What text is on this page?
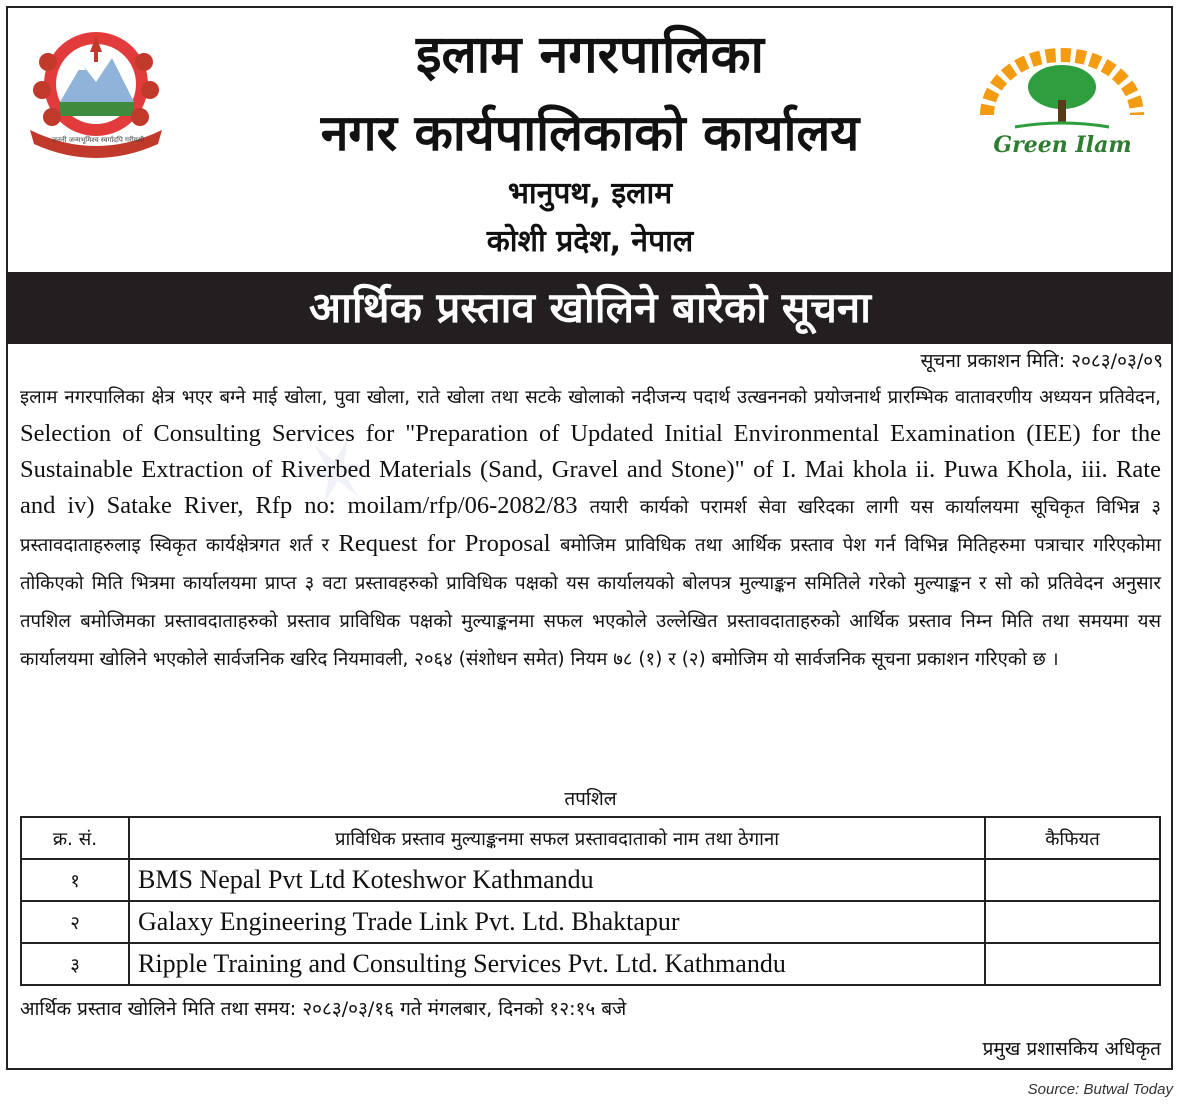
जननी जन्मभूमिश्च स्वर्गादपि गरीयसी
इलाम नगरपालिका
नगर कार्यपालिकाको कार्यालय
भानुपथ, इलाम
कोशी प्रदेश, नेपाल
Green Ilam
आर्थिक प्रस्ताव खोलिने बारेको सूचना
✶
सूचना प्रकाशन मिति: २०८३/०३/०९

इलाम नगरपालिका क्षेत्र भएर बग्ने माई खोला, पुवा खोला, राते खोला तथा सटके खोलाको नदीजन्य पदार्थ उत्खननको प्रयोजनार्थ प्रारम्भिक वातावरणीय अध्ययन प्रतिवेदन, Selection of Consulting Services for "Preparation of Updated Initial Environmental Examination (IEE) for the Sustainable Extraction of Riverbed Materials (Sand, Gravel and Stone)" of I. Mai khola ii. Puwa Khola, iii. Rate and iv) Satake River, Rfp no: moilam/rfp/06-2082/83 तयारी कार्यको परामर्श सेवा खरिदका लागी यस कार्यालयमा सूचिकृत विभिन्न ३ प्रस्तावदाताहरुलाइ स्विकृत कार्यक्षेत्रगत शर्त र Request for Proposal बमोजिम प्राविधिक तथा आर्थिक प्रस्ताव पेश गर्न विभिन्न मितिहरुमा पत्राचार गरिएकोमा तोकिएको मिति भित्रमा कार्यालयमा प्राप्त ३ वटा प्रस्तावहरुको प्राविधिक पक्षको यस कार्यालयको बोलपत्र मुल्याङ्कन समितिले गरेको मुल्याङ्कन र सो को प्रतिवेदन अनुसार तपशिल बमोजिमका प्रस्तावदाताहरुको प्रस्ताव प्राविधिक पक्षको मुल्याङ्कनमा सफल भएकोले उल्लेखित प्रस्तावदाताहरुको आर्थिक प्रस्ताव निम्न मिति तथा समयमा यस कार्यालयमा खोलिने भएकोले सार्वजनिक खरिद नियमावली, २०६४ (संशोधन समेत) नियम ७८ (१) र (२) बमोजिम यो सार्वजनिक सूचना प्रकाशन गरिएको छ ।

तपशिल
क्र. सं.	प्राविधिक प्रस्ताव मुल्याङ्कनमा सफल प्रस्तावदाताको नाम तथा ठेगाना	कैफियत
१	BMS Nepal Pvt Ltd Koteshwor Kathmandu	
२	Galaxy Engineering Trade Link Pvt. Ltd. Bhaktapur	
३	Ripple Training and Consulting Services Pvt. Ltd. Kathmandu	
आर्थिक प्रस्ताव खोलिने मिति तथा समय: २०८३/०३/१६ गते मंगलबार, दिनको १२:१५ बजे
प्रमुख प्रशासकिय अधिकृत
Source: Butwal Today
